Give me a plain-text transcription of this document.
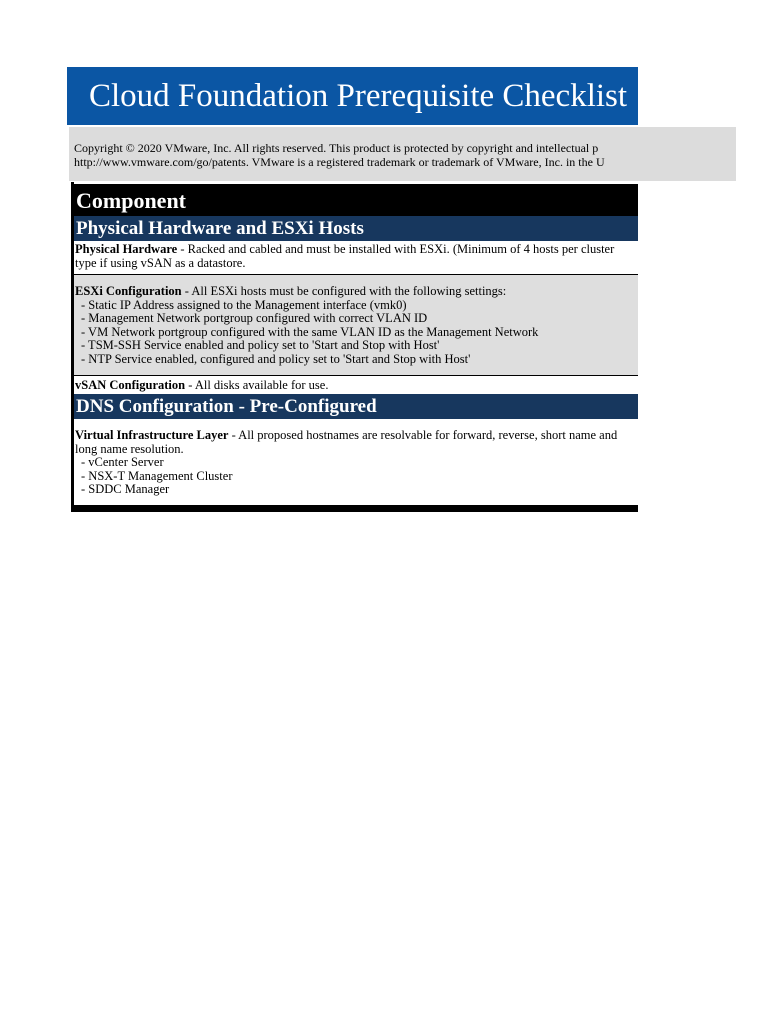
Cloud Foundation Prerequisite Checklist
Copyright © 2020 VMware, Inc. All rights reserved. This product is protected by copyright and intellectual p
http://www.vmware.com/go/patents. VMware is a registered trademark or trademark of VMware, Inc. in the U
Component
Physical Hardware and ESXi Hosts
Physical Hardware - Racked and cabled and must be installed with ESXi. (Minimum of 4 hosts per cluster
type if using vSAN as a datastore.
ESXi Configuration - All ESXi hosts must be configured with the following settings:
- Static IP Address assigned to the Management interface (vmk0)
- Management Network portgroup configured with correct VLAN ID
- VM Network portgroup configured with the same VLAN ID as the Management Network
- TSM-SSH Service enabled and policy set to 'Start and Stop with Host'
- NTP Service enabled, configured and policy set to 'Start and Stop with Host'
vSAN Configuration - All disks available for use.
DNS Configuration - Pre-Configured
Virtual Infrastructure Layer - All proposed hostnames are resolvable for forward, reverse, short name and
long name resolution.
- vCenter Server
- NSX-T Management Cluster
- SDDC Manager
